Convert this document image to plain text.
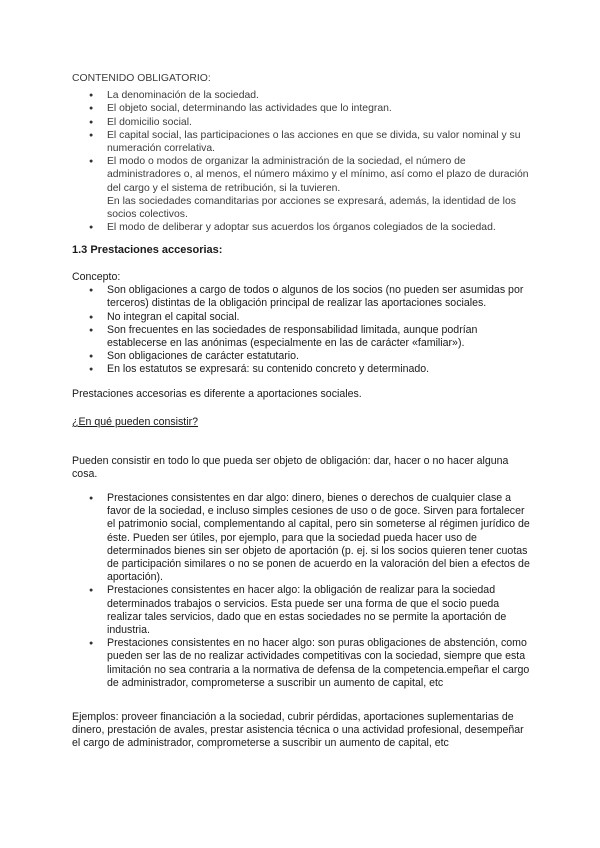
CONTENIDO OBLIGATORIO:

● La denominación de la sociedad.
● El objeto social, determinando las actividades que lo integran.
● El domicilio social.
● El capital social, las participaciones o las acciones en que se divida, su valor nominal y su numeración correlativa.
● El modo o modos de organizar la administración de la sociedad, el número de administradores o, al menos, el número máximo y el mínimo, así como el plazo de duración del cargo y el sistema de retribución, si la tuvieren.
En las sociedades comanditarias por acciones se expresará, además, la identidad de los socios colectivos.
● El modo de deliberar y adoptar sus acuerdos los órganos colegiados de la sociedad.

1.3 Prestaciones accesorias:

Concepto:

● Son obligaciones a cargo de todos o algunos de los socios (no pueden ser asumidas por terceros) distintas de la obligación principal de realizar las aportaciones sociales.
● No integran el capital social.
● Son frecuentes en las sociedades de responsabilidad limitada, aunque podrían establecerse en las anónimas (especialmente en las de carácter «familiar»).
● Son obligaciones de carácter estatutario.
● En los estatutos se expresará: su contenido concreto y determinado.

Prestaciones accesorias es diferente a aportaciones sociales.

¿En qué pueden consistir?

Pueden consistir en todo lo que pueda ser objeto de obligación: dar, hacer o no hacer alguna cosa.

● Prestaciones consistentes en dar algo: dinero, bienes o derechos de cualquier clase a favor de la sociedad, e incluso simples cesiones de uso o de goce. Sirven para fortalecer el patrimonio social, complementando al capital, pero sin someterse al régimen jurídico de éste. Pueden ser útiles, por ejemplo, para que la sociedad pueda hacer uso de determinados bienes sin ser objeto de aportación (p. ej. si los socios quieren tener cuotas de participación similares o no se ponen de acuerdo en la valoración del bien a efectos de aportación).
● Prestaciones consistentes en hacer algo: la obligación de realizar para la sociedad determinados trabajos o servicios. Esta puede ser una forma de que el socio pueda realizar tales servicios, dado que en estas sociedades no se permite la aportación de industria.
● Prestaciones consistentes en no hacer algo: son puras obligaciones de abstención, como pueden ser las de no realizar actividades competitivas con la sociedad, siempre que esta limitación no sea contraria a la normativa de defensa de la competencia.empeñar el cargo de administrador, comprometerse a suscribir un aumento de capital, etc

Ejemplos: proveer financiación a la sociedad, cubrir pérdidas, aportaciones suplementarias de dinero, prestación de avales, prestar asistencia técnica o una actividad profesional, desempeñar el cargo de administrador, comprometerse a suscribir un aumento de capital, etc
